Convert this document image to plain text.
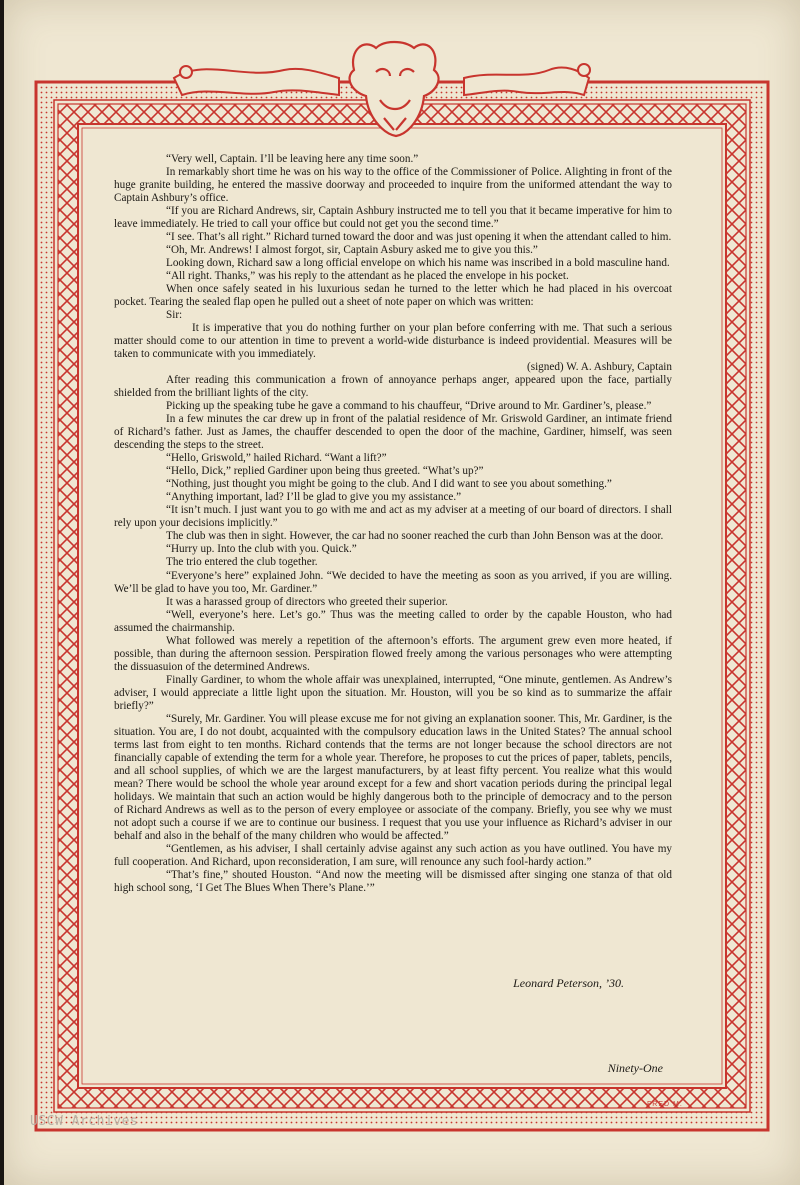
“Very well, Captain. I’ll be leaving here any time soon.”

In remarkably short time he was on his way to the office of the Commissioner of Police. Alighting in front of the huge granite building, he entered the massive doorway and proceeded to inquire from the uniformed attendant the way to Captain Ashbury’s office.

“If you are Richard Andrews, sir, Captain Ashbury instructed me to tell you that it became imperative for him to leave immediately. He tried to call your office but could not get you the second time.”

“I see. That’s all right.” Richard turned toward the door and was just opening it when the attendant called to him.

“Oh, Mr. Andrews! I almost forgot, sir, Captain Asbury asked me to give you this.”

Looking down, Richard saw a long official envelope on which his name was inscribed in a bold masculine hand.

“All right. Thanks,” was his reply to the attendant as he placed the envelope in his pocket.

When once safely seated in his luxurious sedan he turned to the letter which he had placed in his overcoat pocket. Tearing the sealed flap open he pulled out a sheet of note paper on which was written:

Sir:

It is imperative that you do nothing further on your plan before conferring with me. That such a serious matter should come to our attention in time to prevent a world-wide disturbance is indeed providential. Measures will be taken to communicate with you immediately.

(signed) W. A. Ashbury, Captain

After reading this communication a frown of annoyance perhaps anger, appeared upon the face, partially shielded from the brilliant lights of the city.

Picking up the speaking tube he gave a command to his chauffeur, “Drive around to Mr. Gardiner’s, please.”

In a few minutes the car drew up in front of the palatial residence of Mr. Griswold Gardiner, an intimate friend of Richard’s father. Just as James, the chauffer descended to open the door of the machine, Gardiner, himself, was seen descending the steps to the street.

“Hello, Griswold,” hailed Richard. “Want a lift?”

“Hello, Dick,” replied Gardiner upon being thus greeted. “What’s up?”

“Nothing, just thought you might be going to the club. And I did want to see you about something.”

“Anything important, lad? I’ll be glad to give you my assistance.”

“It isn’t much. I just want you to go with me and act as my adviser at a meeting of our board of directors. I shall rely upon your decisions implicitly.”

The club was then in sight. However, the car had no sooner reached the curb than John Benson was at the door.

“Hurry up. Into the club with you. Quick.”

The trio entered the club together.

“Everyone’s here” explained John. “We decided to have the meeting as soon as you arrived, if you are willing. We’ll be glad to have you too, Mr. Gardiner.”

It was a harassed group of directors who greeted their superior.

“Well, everyone’s here. Let’s go.” Thus was the meeting called to order by the capable Houston, who had assumed the chairmanship.

What followed was merely a repetition of the afternoon’s efforts. The argument grew even more heated, if possible, than during the afternoon session. Perspiration flowed freely among the various personages who were attempting the dissuasuion of the determined Andrews.

Finally Gardiner, to whom the whole affair was unexplained, interrupted, “One minute, gentlemen. As Andrew’s adviser, I would appreciate a little light upon the situation. Mr. Houston, will you be so kind as to summarize the affair briefly?”

“Surely, Mr. Gardiner. You will please excuse me for not giving an explanation sooner. This, Mr. Gardiner, is the situation. You are, I do not doubt, acquainted with the compulsory education laws in the United States? The annual school terms last from eight to ten months. Richard contends that the terms are not longer because the school directors are not financially capable of extending the term for a whole year. Therefore, he proposes to cut the prices of paper, tablets, pencils, and all school supplies, of which we are the largest manufacturers, by at least fifty percent. You realize what this would mean? There would be school the whole year around except for a few and short vacation periods during the principal legal holidays. We maintain that such an action would be highly dangerous both to the principle of democracy and to the person of Richard Andrews as well as to the person of every employee or associate of the company. Briefly, you see why we must not adopt such a course if we are to continue our business. I request that you use your influence as Richard’s adviser in our behalf and also in the behalf of the many children who would be affected.”

“Gentlemen, as his adviser, I shall certainly advise against any such action as you have outlined. You have my full cooperation. And Richard, upon reconsideration, I am sure, will renounce any such fool-hardy action.”

“That’s fine,” shouted Houston. “And now the meeting will be dismissed after singing one stanza of that old high school song, ‘I Get The Blues When There’s Plane.’”

Leonard Peterson, ’30.
Ninety-One
FRED M.
USCW Archives
